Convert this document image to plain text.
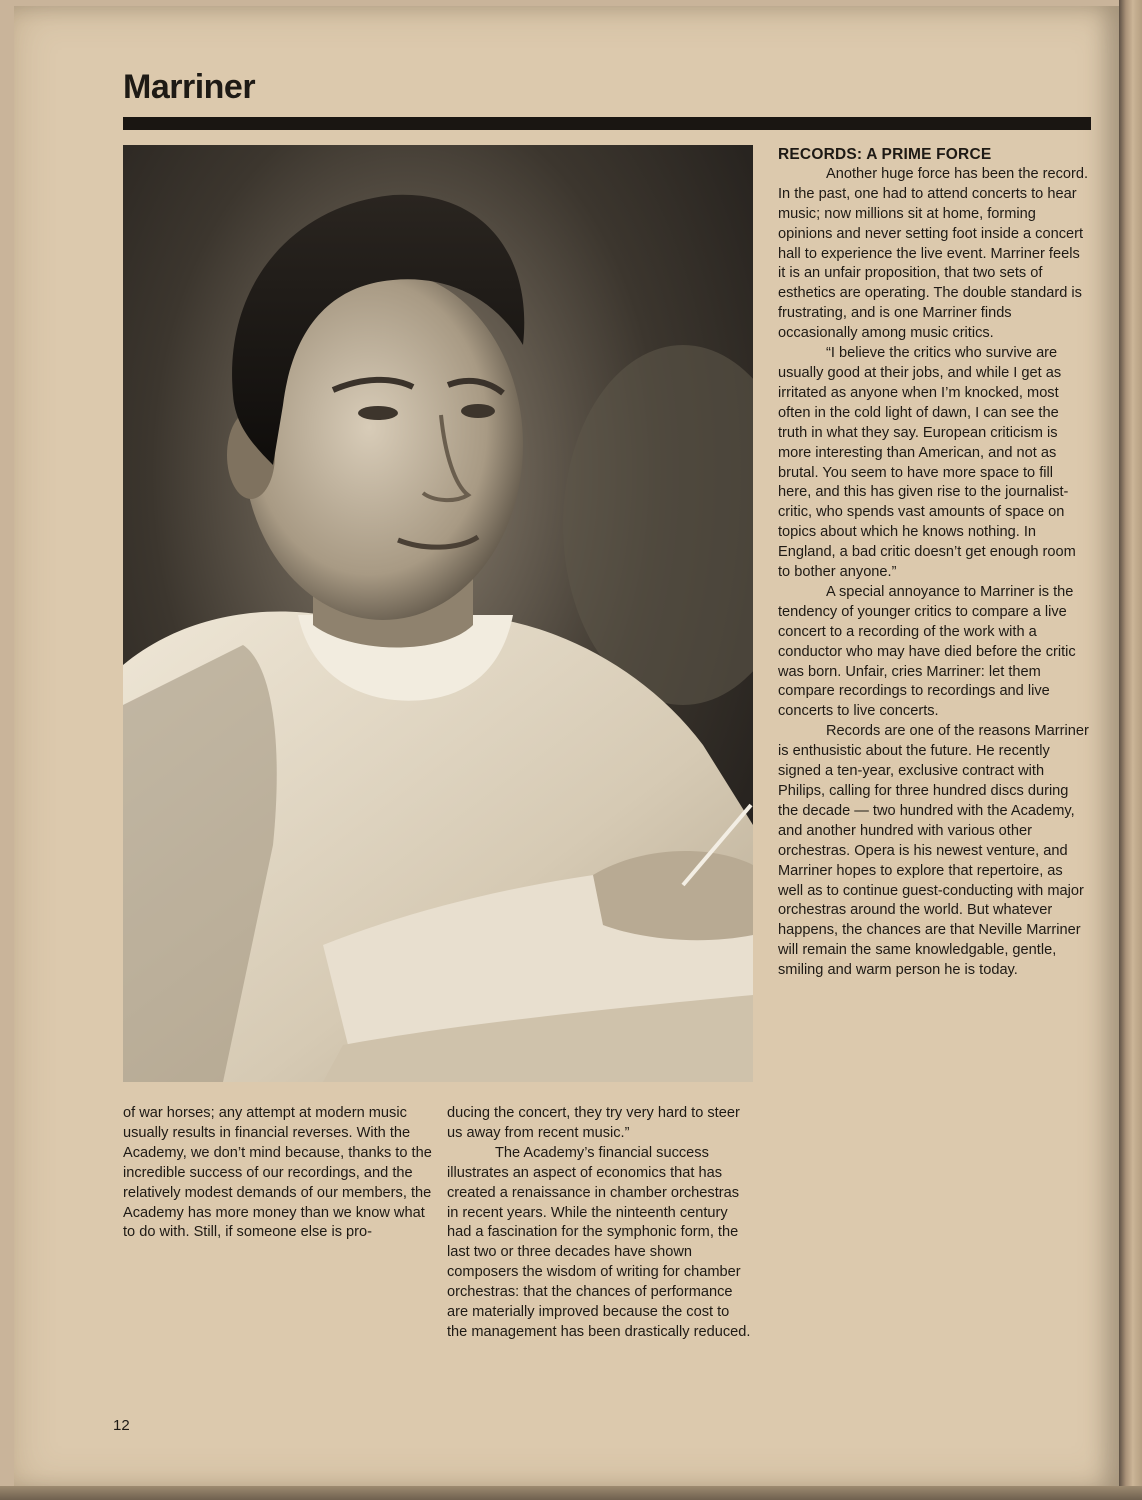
Marriner

RECORDS: A PRIME FORCE

Another huge force has been the record. In the past, one had to attend concerts to hear music; now millions sit at home, forming opinions and never setting foot inside a concert hall to experience the live event. Marriner feels it is an unfair proposition, that two sets of esthetics are operating. The double standard is frustrating, and is one Marriner finds occasionally among music critics.

“I believe the critics who survive are usually good at their jobs, and while I get as irritated as anyone when I’m knocked, most often in the cold light of dawn, I can see the truth in what they say. European criticism is more interesting than American, and not as brutal. You seem to have more space to fill here, and this has given rise to the journalist-critic, who spends vast amounts of space on topics about which he knows nothing. In England, a bad critic doesn’t get enough room to bother anyone.”

A special annoyance to Marriner is the tendency of younger critics to compare a live concert to a recording of the work with a conductor who may have died before the critic was born. Unfair, cries Marriner: let them compare recordings to recordings and live concerts to live concerts.

Records are one of the reasons Marriner is enthusistic about the future. He recently signed a ten-year, exclusive contract with Philips, calling for three hundred discs during the decade — two hundred with the Academy, and another hundred with various other orchestras. Opera is his newest venture, and Marriner hopes to explore that repertoire, as well as to continue guest-conducting with major orchestras around the world. But whatever happens, the chances are that Neville Marriner will remain the same knowledgable, gentle, smiling and warm person he is today.

of war horses; any attempt at modern music usually results in financial reverses. With the Academy, we don’t mind because, thanks to the incredible success of our recordings, and the relatively modest demands of our members, the Academy has more money than we know what to do with. Still, if someone else is pro-

ducing the concert, they try very hard to steer us away from recent music.”

The Academy’s financial success illustrates an aspect of economics that has created a renaissance in chamber orchestras in recent years. While the ninteenth century had a fascination for the symphonic form, the last two or three decades have shown composers the wisdom of writing for chamber orchestras: that the chances of performance are materially improved because the cost to the management has been drastically reduced.

12
